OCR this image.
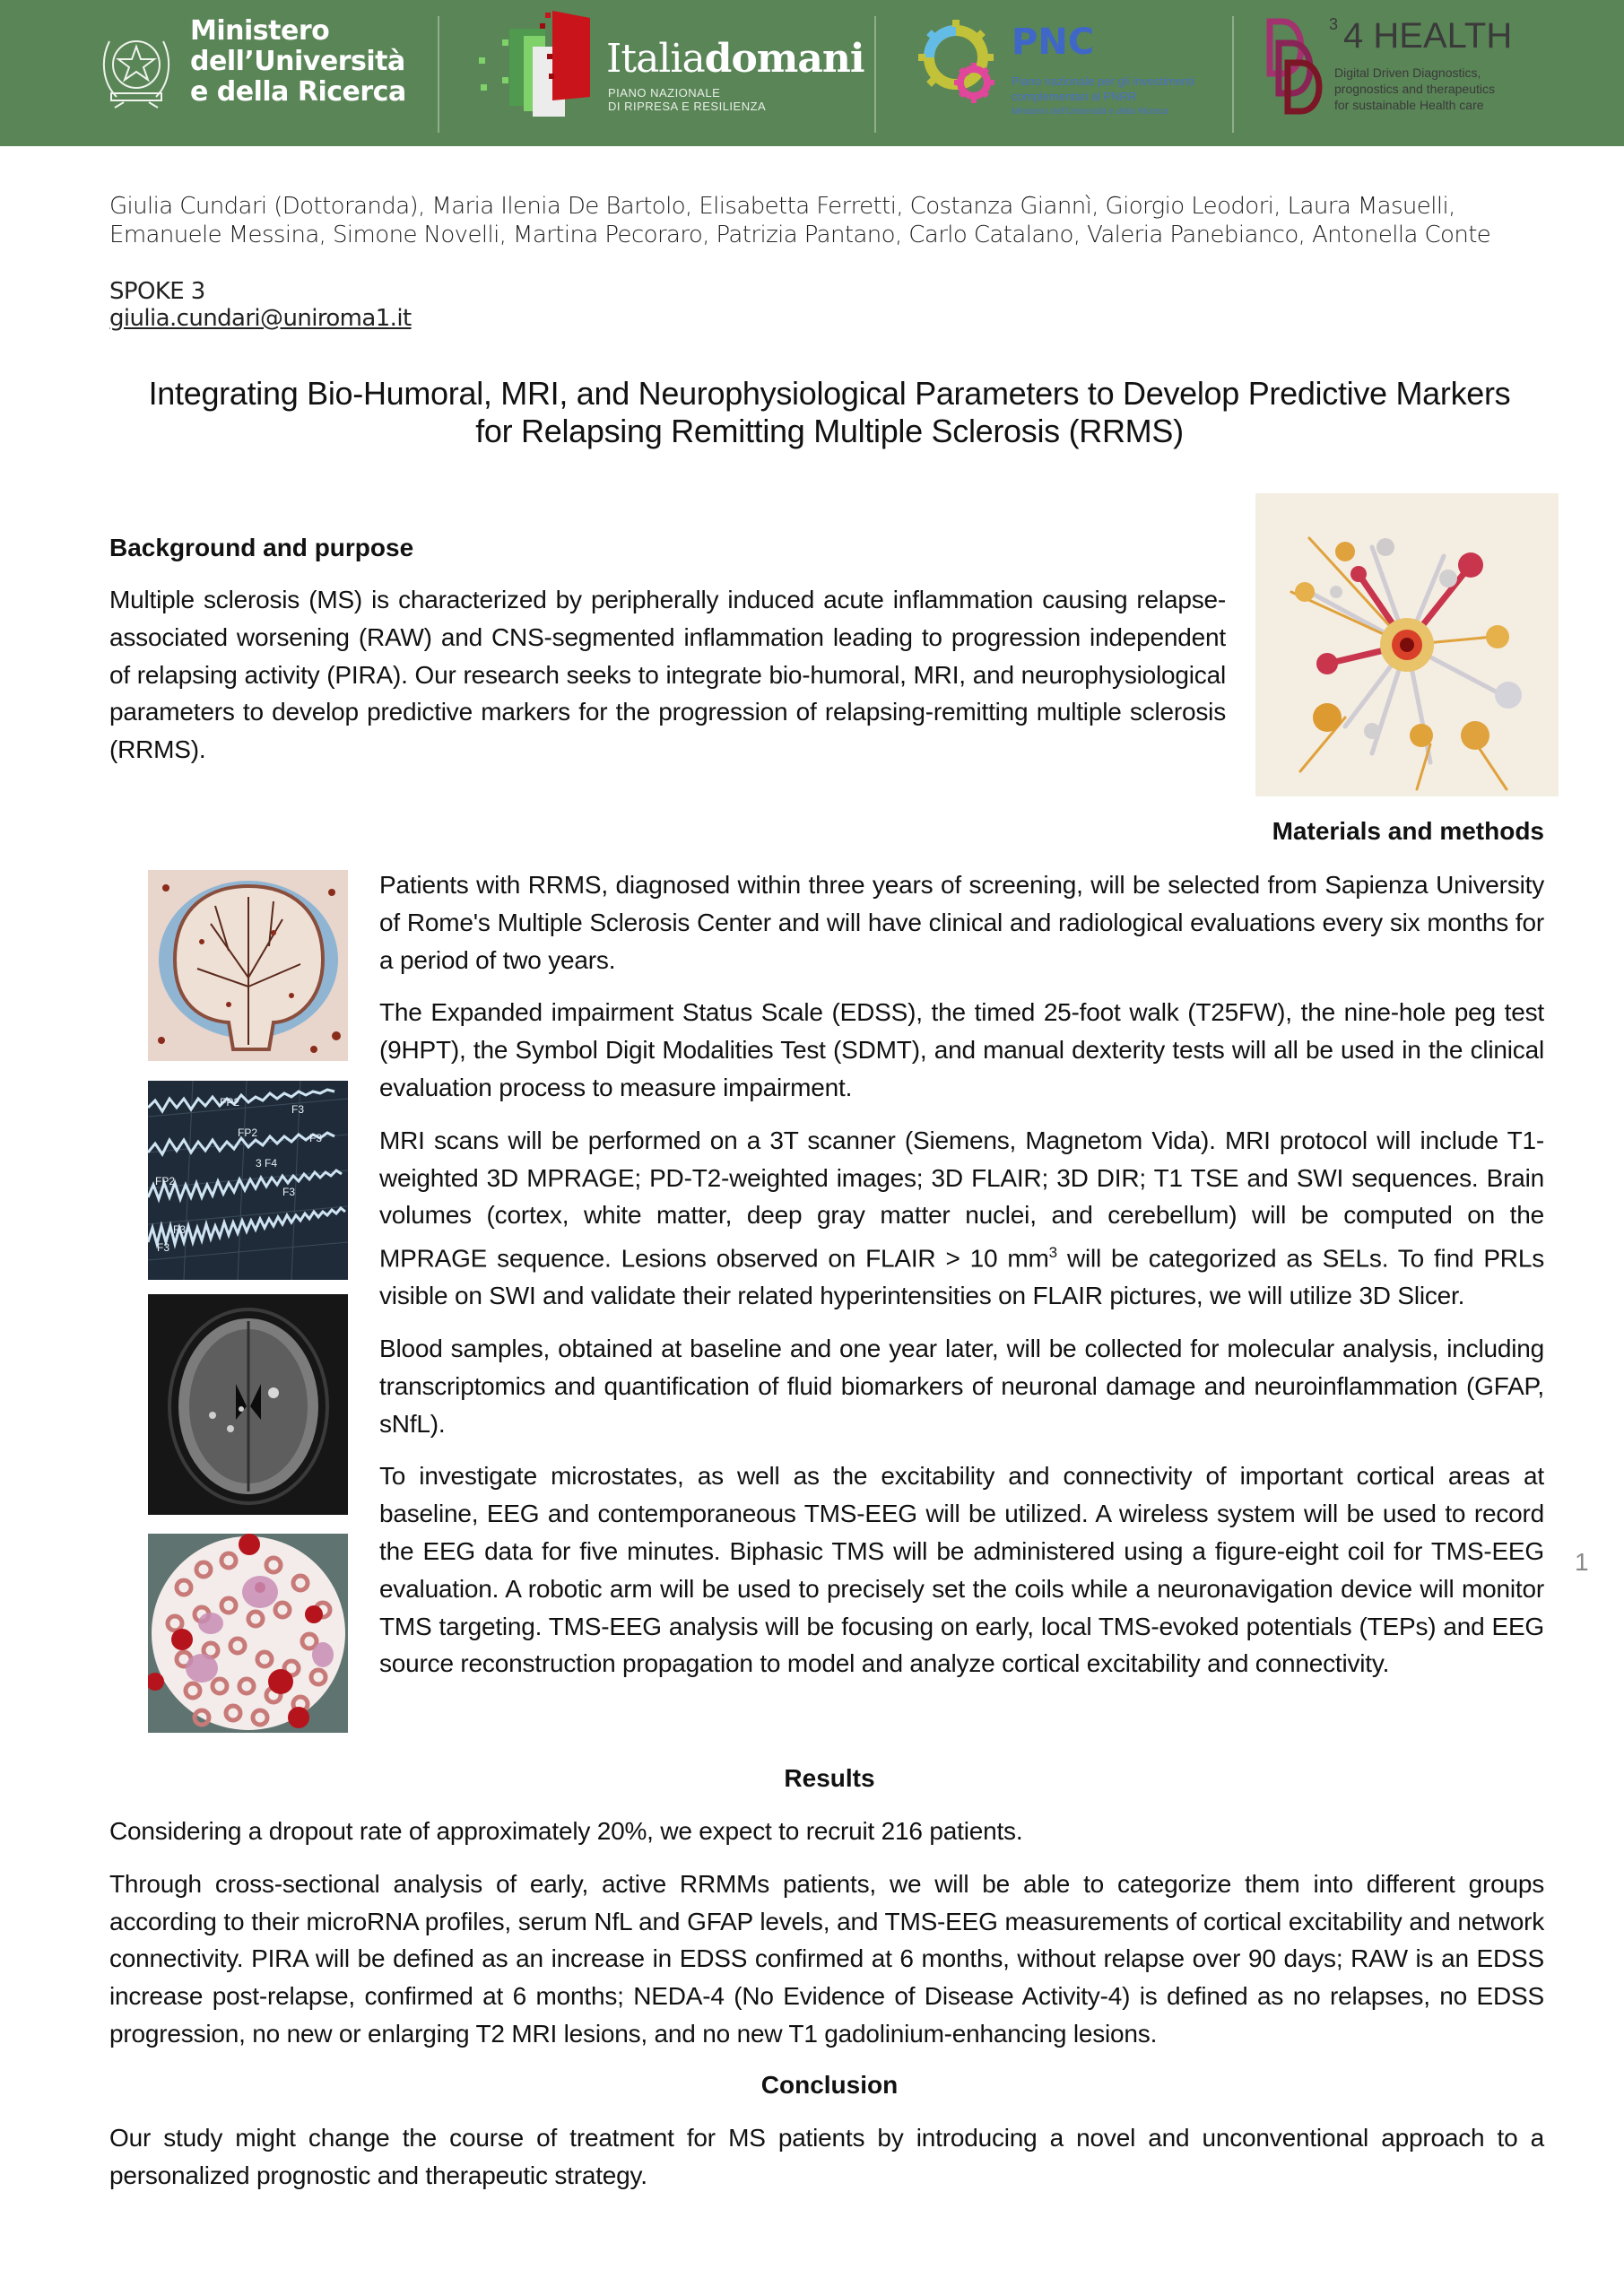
Ministero
dell’Università
e della Ricerca
Italiadomani
PIANO NAZIONALE
DI RIPRESA E RESILIENZA
PNC
Piano nazionale per gli investimenti
complementari al PNRR
Ministero dell’Università e della Ricerca
$^3$ 4 HEALTH
Digital Driven Diagnostics,
prognostics and therapeutics
for sustainable Health care
Giulia Cundari (Dottoranda), Maria Ilenia De Bartolo, Elisabetta Ferretti, Costanza Giannì, Giorgio Leodori, Laura Masuelli, Emanuele Messina, Simone Novelli, Martina Pecoraro, Patrizia Pantano, Carlo Catalano, Valeria Panebianco, Antonella Conte
SPOKE 3
giulia.cundari@uniroma1.it
Integrating Bio-Humoral, MRI, and Neurophysiological Parameters to Develop Predictive Markers
for Relapsing Remitting Multiple Sclerosis (RRMS)
Background and purpose

Multiple sclerosis (MS) is characterized by peripherally induced acute inflammation causing relapse-associated worsening (RAW) and CNS-segmented inflammation leading to progression independent of relapsing activity (PIRA). Our research seeks to integrate bio-humoral, MRI, and neurophysiological parameters to develop predictive markers for the progression of relapsing-remitting multiple sclerosis (RRMS).

Materials and methods
FP2
F3
FP2	F3
3 F4
FP2
F3
F3
F3

Patients with RRMS, diagnosed within three years of screening, will be selected from Sapienza University of Rome's Multiple Sclerosis Center and will have clinical and radiological evaluations every six months for a period of two years.

The Expanded impairment Status Scale (EDSS), the timed 25-foot walk (T25FW), the nine-hole peg test (9HPT), the Symbol Digit Modalities Test (SDMT), and manual dexterity tests will all be used in the clinical evaluation process to measure impairment.

MRI scans will be performed on a 3T scanner (Siemens, Magnetom Vida). MRI protocol will include T1-weighted 3D MPRAGE; PD-T2-weighted images; 3D FLAIR; 3D DIR; T1 TSE and SWI sequences. Brain volumes (cortex, white matter, deep gray matter nuclei, and cerebellum) will be computed on the MPRAGE sequence. Lesions observed on FLAIR > 10 $mm^3$ will be categorized as SELs. To find PRLs visible on SWI and validate their related hyperintensities on FLAIR pictures, we will utilize 3D Slicer.

Blood samples, obtained at baseline and one year later, will be collected for molecular analysis, including transcriptomics and quantification of fluid biomarkers of neuronal damage and neuroinflammation (GFAP, sNfL).

To investigate microstates, as well as the excitability and connectivity of important cortical areas at baseline, EEG and contemporaneous TMS-EEG will be utilized. A wireless system will be used to record the EEG data for five minutes. Biphasic TMS will be administered using a figure-eight coil for TMS-EEG evaluation. A robotic arm will be used to precisely set the coils while a neuronavigation device will monitor TMS targeting. TMS-EEG analysis will be focusing on early, local TMS-evoked potentials (TEPs) and EEG source reconstruction propagation to model and analyze cortical excitability and connectivity.

1
Results

Considering a dropout rate of approximately 20%, we expect to recruit 216 patients.

Through cross-sectional analysis of early, active RRMMs patients, we will be able to categorize them into different groups according to their microRNA profiles, serum NfL and GFAP levels, and TMS-EEG measurements of cortical excitability and network connectivity. PIRA will be defined as an increase in EDSS confirmed at 6 months, without relapse over 90 days; RAW is an EDSS increase post-relapse, confirmed at 6 months; NEDA-4 (No Evidence of Disease Activity-4) is defined as no relapses, no EDSS progression, no new or enlarging T2 MRI lesions, and no new T1 gadolinium-enhancing lesions.

Conclusion

Our study might change the course of treatment for MS patients by introducing a novel and unconventional approach to a personalized prognostic and therapeutic strategy.
